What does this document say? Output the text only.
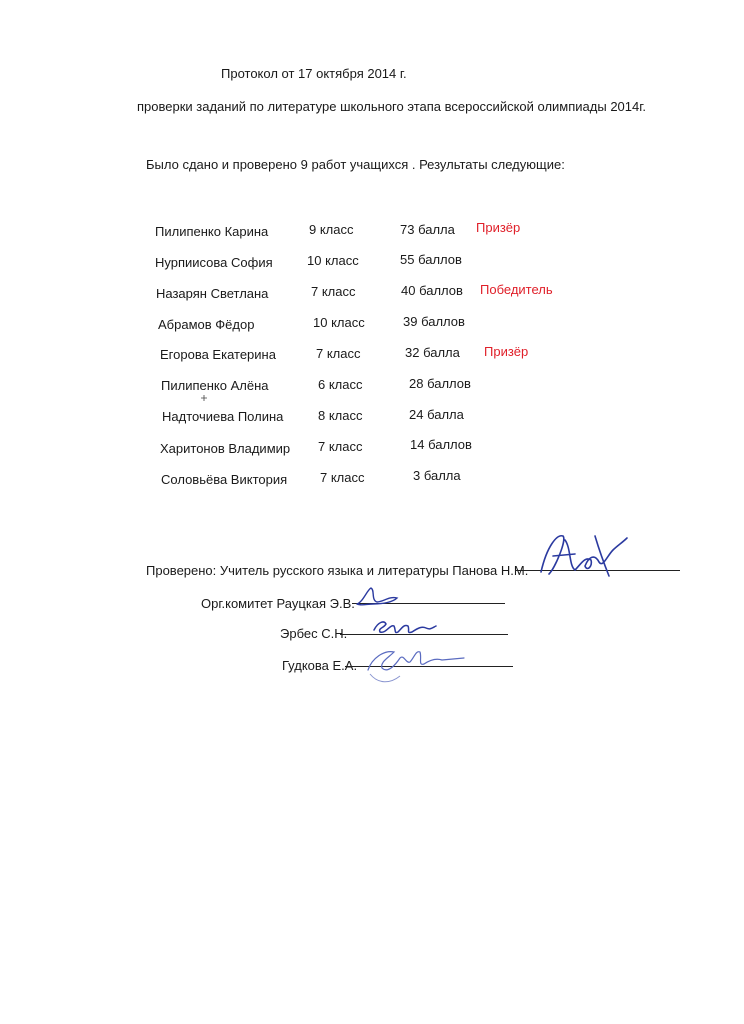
Протокол от 17 октября 2014 г.
проверки заданий по литературе школьного этапа всероссийской олимпиады 2014г.
Было сдано и проверено 9 работ учащихся . Результаты следующие:
Пилипенко Карина	9 класс	73 балла Призёр
Нурпиисова София	10 класс	55 баллов
Назарян Светлана	7 класс	40 баллов Победитель
Абрамов Фёдор	10 класс	39 баллов
Егорова Екатерина	7 класс	32 балла Призёр
Пилипенко Алёна	6 класс	28 баллов
Надточиева Полина	8 класс	24 балла
Харитонов Владимир 7 класс	14 баллов
Соловьёва Виктория	7 класс	3 балла
Проверено: Учитель русского языка и литературы Панова Н.М.
Орг.комитет Рауцкая Э.В.
Эрбес С.Н.
Гудкова Е.А.
